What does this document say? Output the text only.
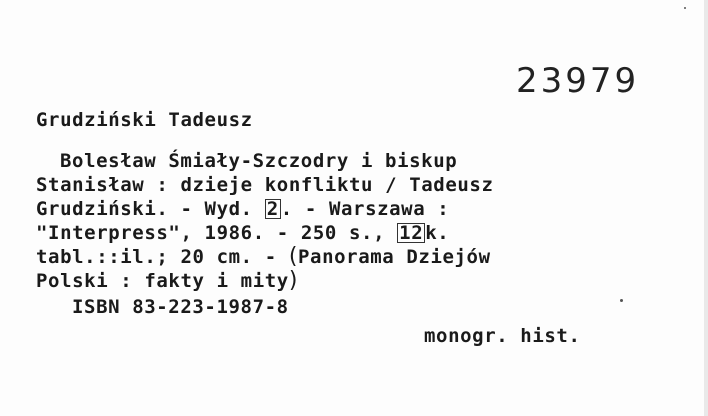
23979
Grudziński Tadeusz
Bolesław Śmiały-Szczodry i biskup
Stanisław : dzieje konfliktu / Tadeusz
Grudziński. - Wyd. 2 . - Warszawa :
"Interpress", 1986. - 250 s., 12 k.
tabl.::il.; 20 cm. - (Panorama Dziejów
Polski : fakty i mity)
ISBN 83-223-1987-8
monogr. hist.
